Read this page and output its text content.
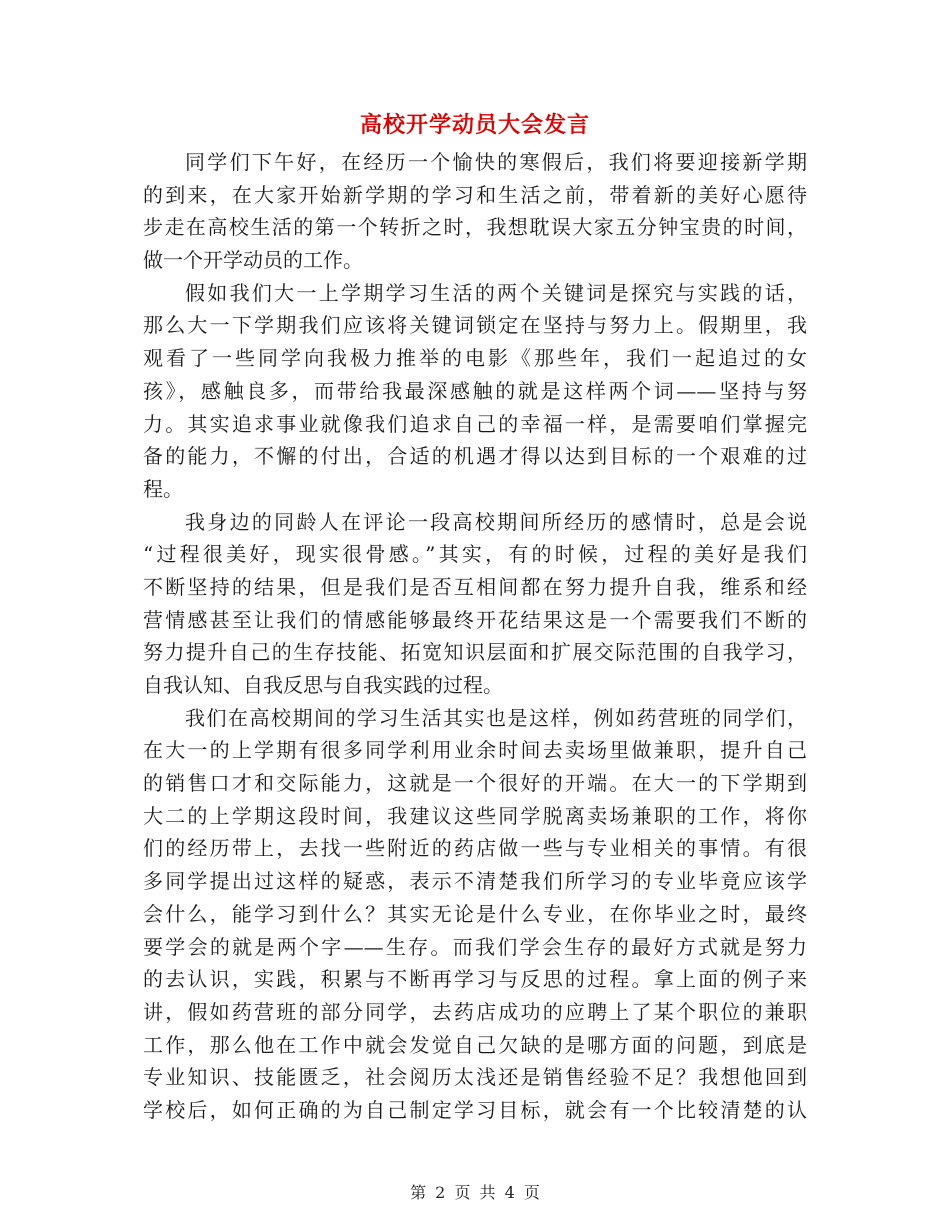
高校开学动员大会发言
同学们下午好，在经历一个愉快的寒假后，我们将要迎接新学期
的到来，在大家开始新学期的学习和生活之前，带着新的美好心愿待
步走在高校生活的第一个转折之时，我想耽误大家五分钟宝贵的时间，
做一个开学动员的工作。
假如我们大一上学期学习生活的两个关键词是探究与实践的话，
那么大一下学期我们应该将关键词锁定在坚持与努力上。假期里，我
观看了一些同学向我极力推举的电影《那些年，我们一起追过的女
孩》，感触良多，而带给我最深感触的就是这样两个词——坚持与努
力。其实追求事业就像我们追求自己的幸福一样，是需要咱们掌握完
备的能力，不懈的付出，合适的机遇才得以达到目标的一个艰难的过
程。
我身边的同龄人在评论一段高校期间所经历的感情时，总是会说
“过程很美好，现实很骨感。”其实，有的时候，过程的美好是我们
不断坚持的结果，但是我们是否互相间都在努力提升自我，维系和经
营情感甚至让我们的情感能够最终开花结果这是一个需要我们不断的
努力提升自己的生存技能、拓宽知识层面和扩展交际范围的自我学习，
自我认知、自我反思与自我实践的过程。
我们在高校期间的学习生活其实也是这样，例如药营班的同学们，
在大一的上学期有很多同学利用业余时间去卖场里做兼职，提升自己
的销售口才和交际能力，这就是一个很好的开端。在大一的下学期到
大二的上学期这段时间，我建议这些同学脱离卖场兼职的工作，将你
们的经历带上，去找一些附近的药店做一些与专业相关的事情。有很
多同学提出过这样的疑惑，表示不清楚我们所学习的专业毕竟应该学
会什么，能学习到什么？其实无论是什么专业，在你毕业之时，最终
要学会的就是两个字——生存。而我们学会生存的最好方式就是努力
的去认识，实践，积累与不断再学习与反思的过程。拿上面的例子来
讲，假如药营班的部分同学，去药店成功的应聘上了某个职位的兼职
工作，那么他在工作中就会发觉自己欠缺的是哪方面的问题，到底是
专业知识、技能匮乏，社会阅历太浅还是销售经验不足？我想他回到
学校后，如何正确的为自己制定学习目标，就会有一个比较清楚的认
第 2 页 共 4 页
